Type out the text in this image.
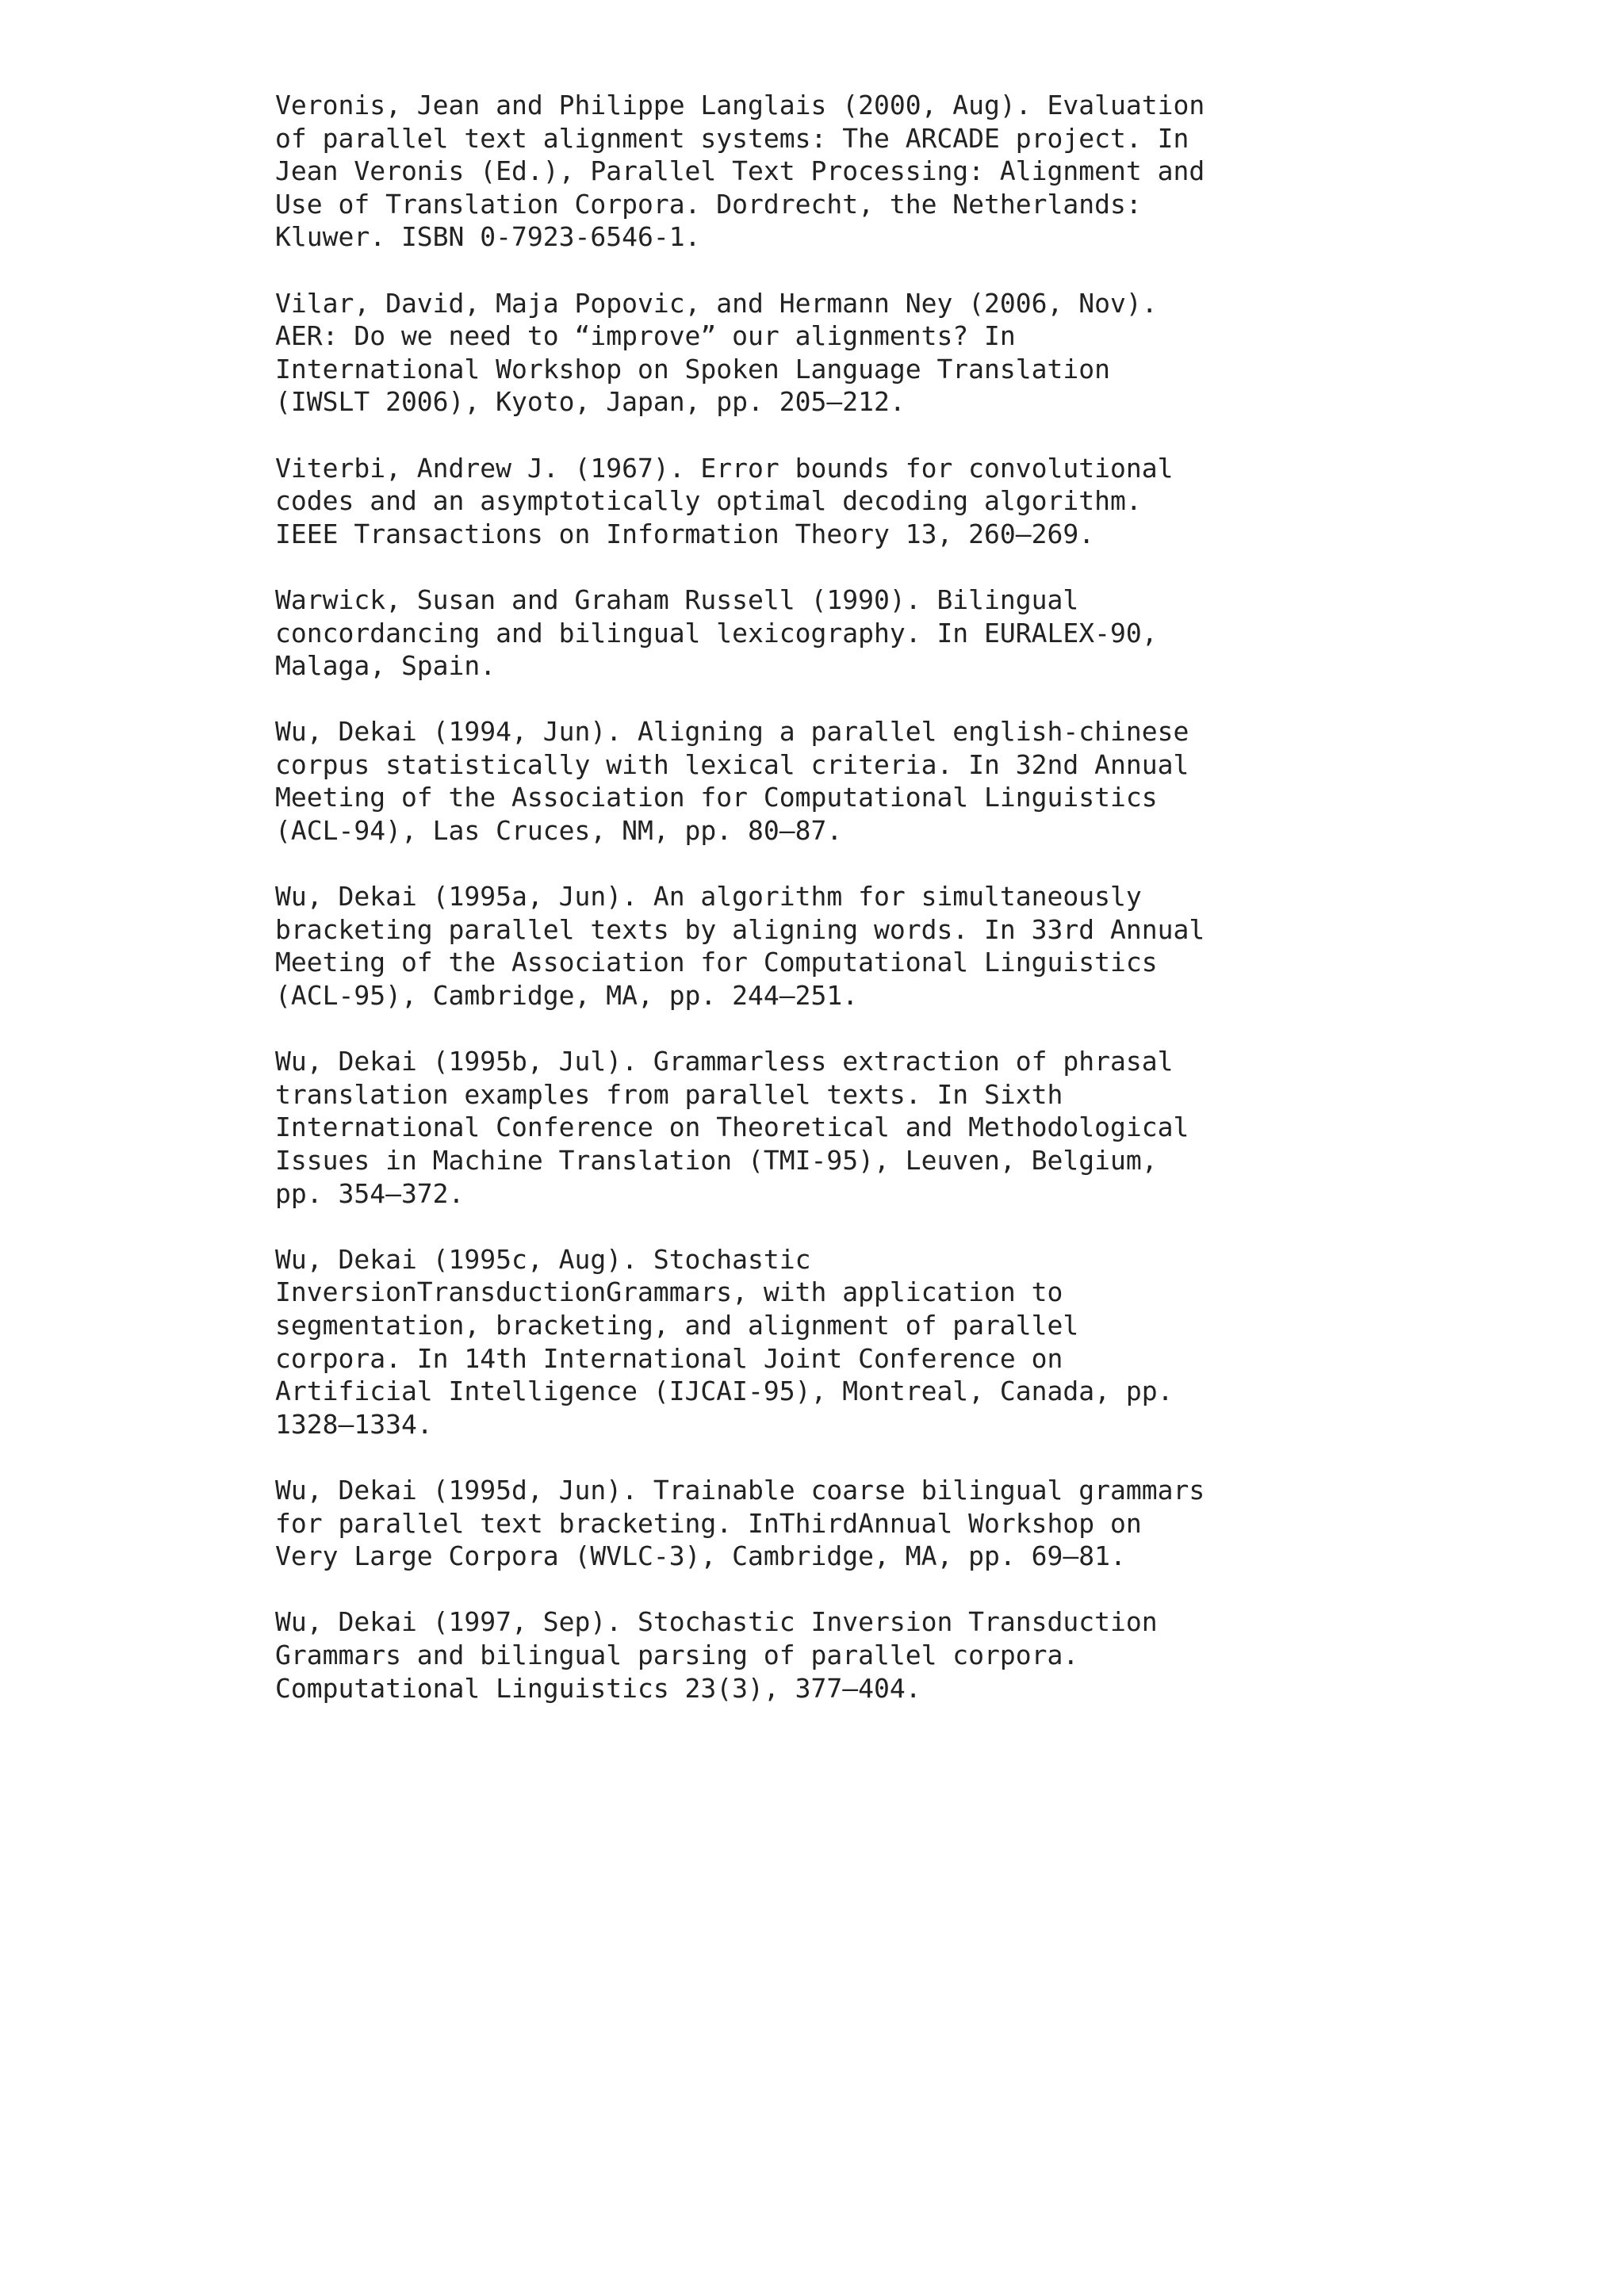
Veronis, Jean and Philippe Langlais (2000, Aug). Evaluation
of parallel text alignment systems: The ARCADE project. In
Jean Veronis (Ed.), Parallel Text Processing: Alignment and
Use of Translation Corpora. Dordrecht, the Netherlands:
Kluwer. ISBN 0-7923-6546-1.
Vilar, David, Maja Popovic, and Hermann Ney (2006, Nov).
AER: Do we need to “improve” our alignments? In
International Workshop on Spoken Language Translation
(IWSLT 2006), Kyoto, Japan, pp. 205–212.
Viterbi, Andrew J. (1967). Error bounds for convolutional
codes and an asymptotically optimal decoding algorithm.
IEEE Transactions on Information Theory 13, 260–269.
Warwick, Susan and Graham Russell (1990). Bilingual
concordancing and bilingual lexicography. In EURALEX-90,
Malaga, Spain.
Wu, Dekai (1994, Jun). Aligning a parallel english-chinese
corpus statistically with lexical criteria. In 32nd Annual
Meeting of the Association for Computational Linguistics
(ACL-94), Las Cruces, NM, pp. 80–87.
Wu, Dekai (1995a, Jun). An algorithm for simultaneously
bracketing parallel texts by aligning words. In 33rd Annual
Meeting of the Association for Computational Linguistics
(ACL-95), Cambridge, MA, pp. 244–251.
Wu, Dekai (1995b, Jul). Grammarless extraction of phrasal
translation examples from parallel texts. In Sixth
International Conference on Theoretical and Methodological
Issues in Machine Translation (TMI-95), Leuven, Belgium,
pp. 354–372.
Wu, Dekai (1995c, Aug). Stochastic
InversionTransductionGrammars, with application to
segmentation, bracketing, and alignment of parallel
corpora. In 14th International Joint Conference on
Artificial Intelligence (IJCAI-95), Montreal, Canada, pp.
1328–1334.
Wu, Dekai (1995d, Jun). Trainable coarse bilingual grammars
for parallel text bracketing. InThirdAnnual Workshop on
Very Large Corpora (WVLC-3), Cambridge, MA, pp. 69–81.
Wu, Dekai (1997, Sep). Stochastic Inversion Transduction
Grammars and bilingual parsing of parallel corpora.
Computational Linguistics 23(3), 377–404.
